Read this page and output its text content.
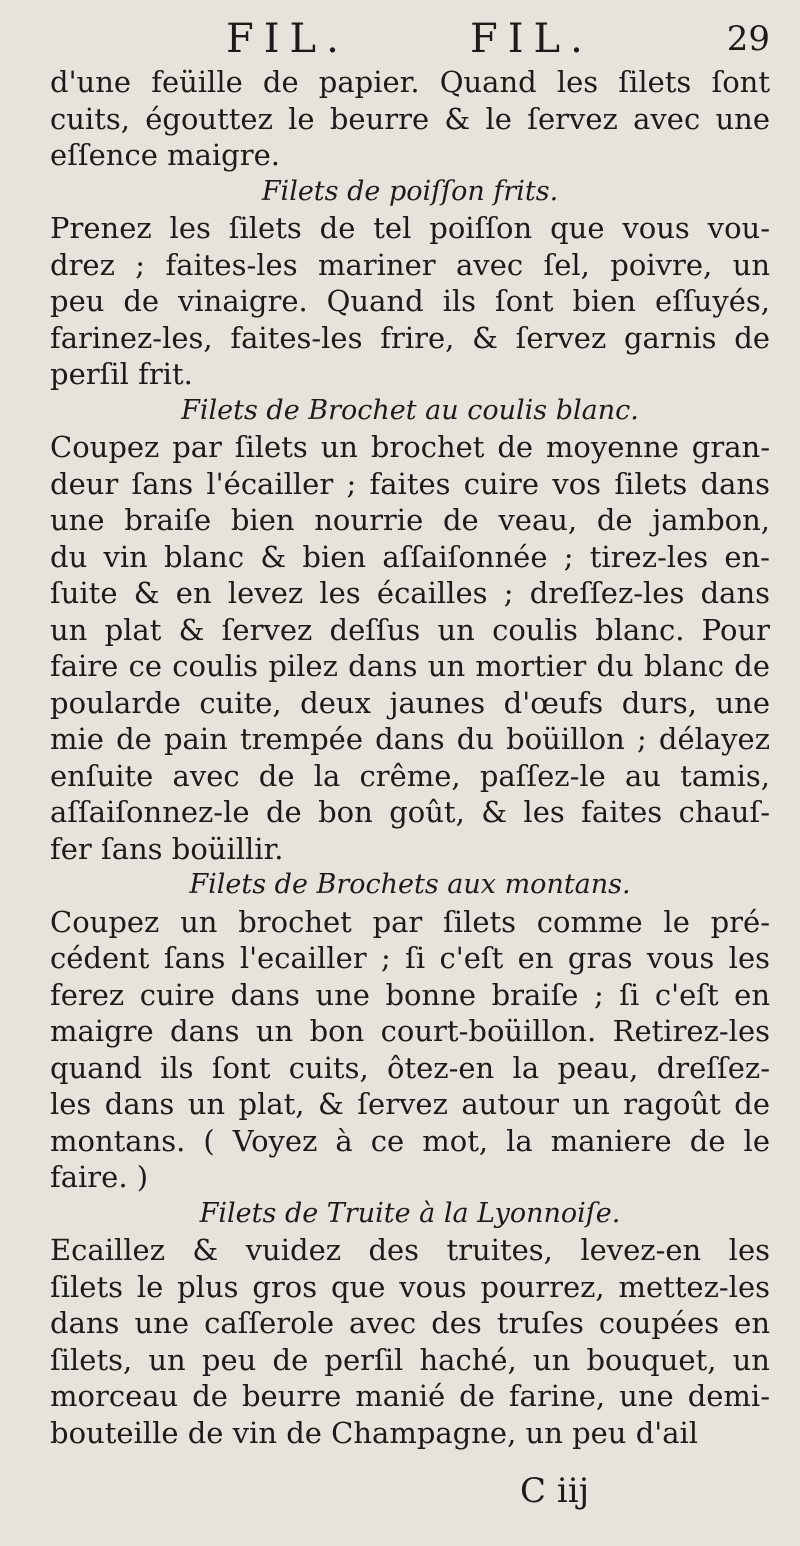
FIL.	FIL.	29
d'une feüille de papier. Quand les ſilets ſont
cuits, égouttez le beurre & le ſervez avec une
eſſence maigre.
Filets de poiſſon frits.
Prenez les ſilets de tel poiſſon que vous vou-
drez ; faites-les mariner avec ſel, poivre, un
peu de vinaigre. Quand ils ſont bien eſſuyés,
farinez-les, faites-les frire, & ſervez garnis de
perſil frit.
Filets de Brochet au coulis blanc.
Coupez par ſilets un brochet de moyenne gran-
deur ſans l'écailler ; faites cuire vos ſilets dans
une braiſe bien nourrie de veau, de jambon,
du vin blanc & bien aſſaiſonnée ; tirez-les en-
ſuite & en levez les écailles ; dreſſez-les dans
un plat & ſervez deſſus un coulis blanc. Pour
faire ce coulis pilez dans un mortier du blanc de
poularde cuite, deux jaunes d'œufs durs, une
mie de pain trempée dans du boüillon ; délayez
enſuite avec de la crême, paſſez-le au tamis,
aſſaiſonnez-le de bon goût, & les faites chauſ-
fer ſans boüillir.
Filets de Brochets aux montans.
Coupez un brochet par ſilets comme le pré-
cédent ſans l'ecailler ; ſi c'eſt en gras vous les
ferez cuire dans une bonne braiſe ; ſi c'eſt en
maigre dans un bon court-boüillon. Retirez-les
quand ils ſont cuits, ôtez-en la peau, dreſſez-
les dans un plat, & ſervez autour un ragoût de
montans. ( Voyez à ce mot, la maniere de le
faire. )
Filets de Truite à la Lyonnoiſe.
Ecaillez & vuidez des truites, levez-en les
ſilets le plus gros que vous pourrez, mettez-les
dans une caſſerole avec des truſes coupées en
ſilets, un peu de perſil haché, un bouquet, un
morceau de beurre manié de farine, une demi-
bouteille de vin de Champagne, un peu d'ail
C iij
